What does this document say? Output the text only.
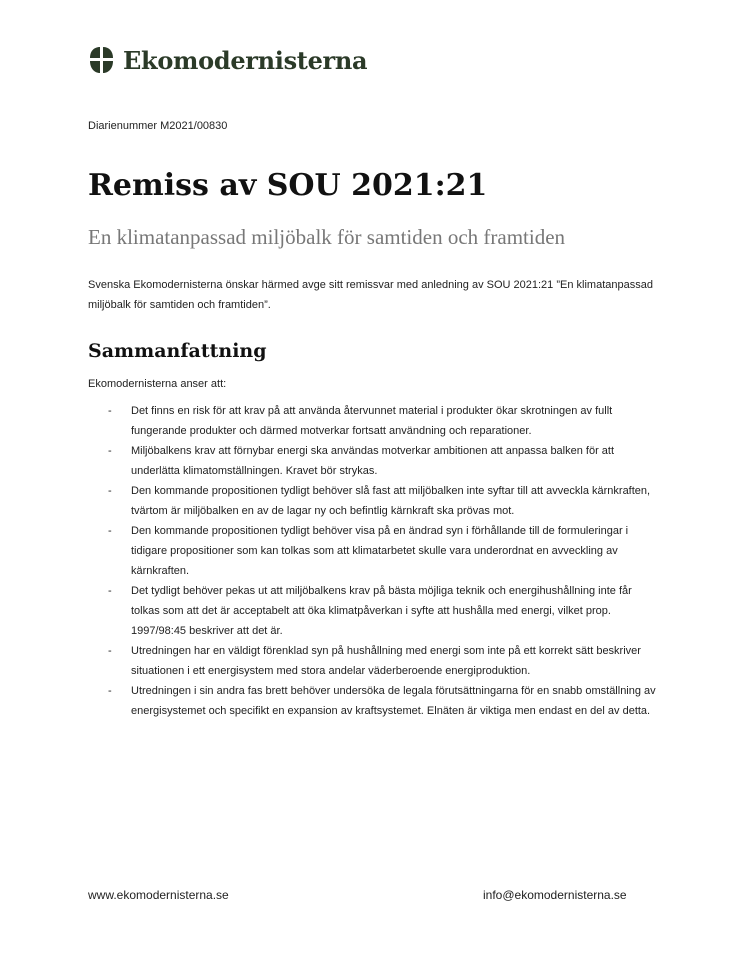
Ekomodernisterna
Diarienummer M2021/00830
Remiss av SOU 2021:21
En klimatanpassad miljöbalk för samtiden och framtiden

Svenska Ekomodernisterna önskar härmed avge sitt remissvar med anledning av SOU 2021:21 ”En klimatanpassad miljöbalk för samtiden och framtiden”.

Sammanfattning
Ekomodernisterna anser att:
- Det finns en risk för att krav på att använda återvunnet material i produkter ökar skrotningen av fullt fungerande produkter och därmed motverkar fortsatt användning och reparationer.
- Miljöbalkens krav att förnybar energi ska användas motverkar ambitionen att anpassa balken för att underlätta klimatomställningen. Kravet bör strykas.
- Den kommande propositionen tydligt behöver slå fast att miljöbalken inte syftar till att avveckla kärnkraften, tvärtom är miljöbalken en av de lagar ny och befintlig kärnkraft ska prövas mot.
- Den kommande propositionen tydligt behöver visa på en ändrad syn i förhållande till de formuleringar i tidigare propositioner som kan tolkas som att klimatarbetet skulle vara underordnat en avveckling av kärnkraften.
- Det tydligt behöver pekas ut att miljöbalkens krav på bästa möjliga teknik och energihushållning inte får tolkas som att det är acceptabelt att öka klimatpåverkan i syfte att hushålla med energi, vilket prop. 1997/98:45 beskriver att det är.
- Utredningen har en väldigt förenklad syn på hushållning med energi som inte på ett korrekt sätt beskriver situationen i ett energisystem med stora andelar väderberoende energiproduktion.
- Utredningen i sin andra fas brett behöver undersöka de legala förutsättningarna för en snabb omställning av energisystemet och specifikt en expansion av kraftsystemet. Elnäten är viktiga men endast en del av detta.
www.ekomodernisterna.se	info@ekomodernisterna.se
